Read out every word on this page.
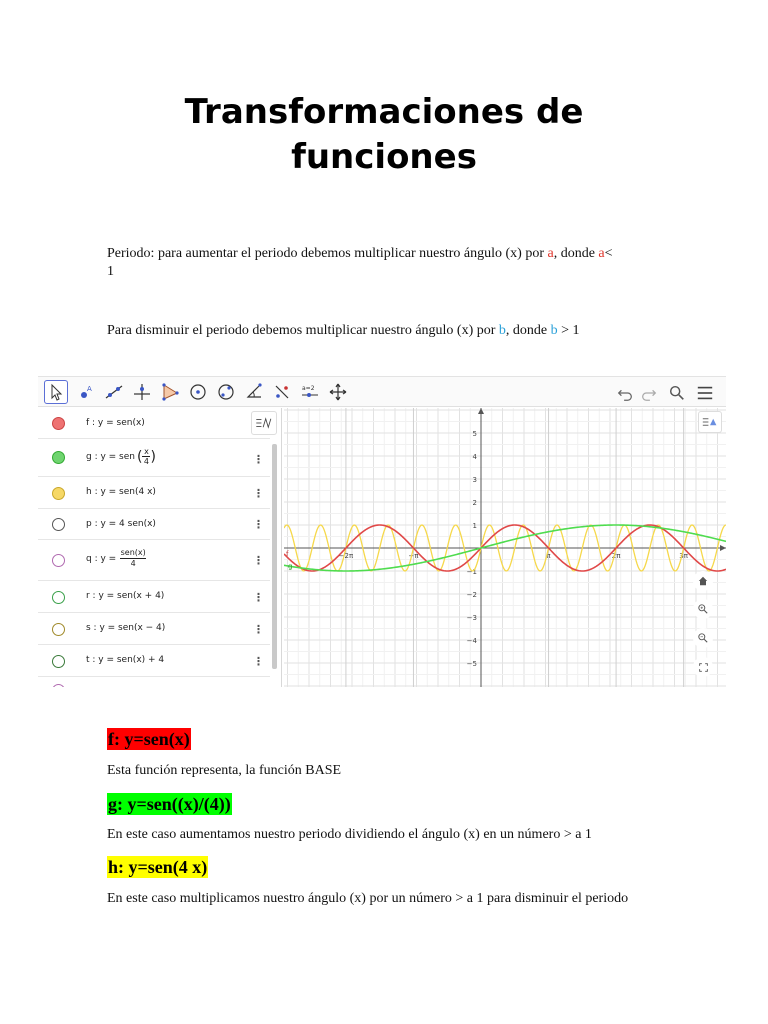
Transformaciones de
funciones
Periodo: para aumentar el periodo debemos multiplicar nuestro ángulo (x) por a, donde a<
1
Para disminuir el periodo debemos multiplicar nuestro ángulo (x) por b, donde b > 1
A	a=2
f : y = sen(x)
g : y = sen ( x
4 )	⋮
h : y = sen(4 x)	⋮
p : y = 4 sen(x)	⋮
q : y =
sen(x)
4	⋮
r : y = sen(x + 4)	⋮
s : y = sen(x − 4)	⋮
t : y = sen(x) + 4	⋮
5
4
3
2
1
−1
−2
−3
−4
−5
−2π	−π	π	2π	3π
f
g
f: y=sen(x)
Esta función representa, la función BASE
g: y=sen((x)/(4))
En este caso aumentamos nuestro periodo dividiendo el ángulo (x) en un número > a 1
h: y=sen(4 x)
En este caso multiplicamos nuestro ángulo (x) por un número > a 1 para disminuir el periodo
